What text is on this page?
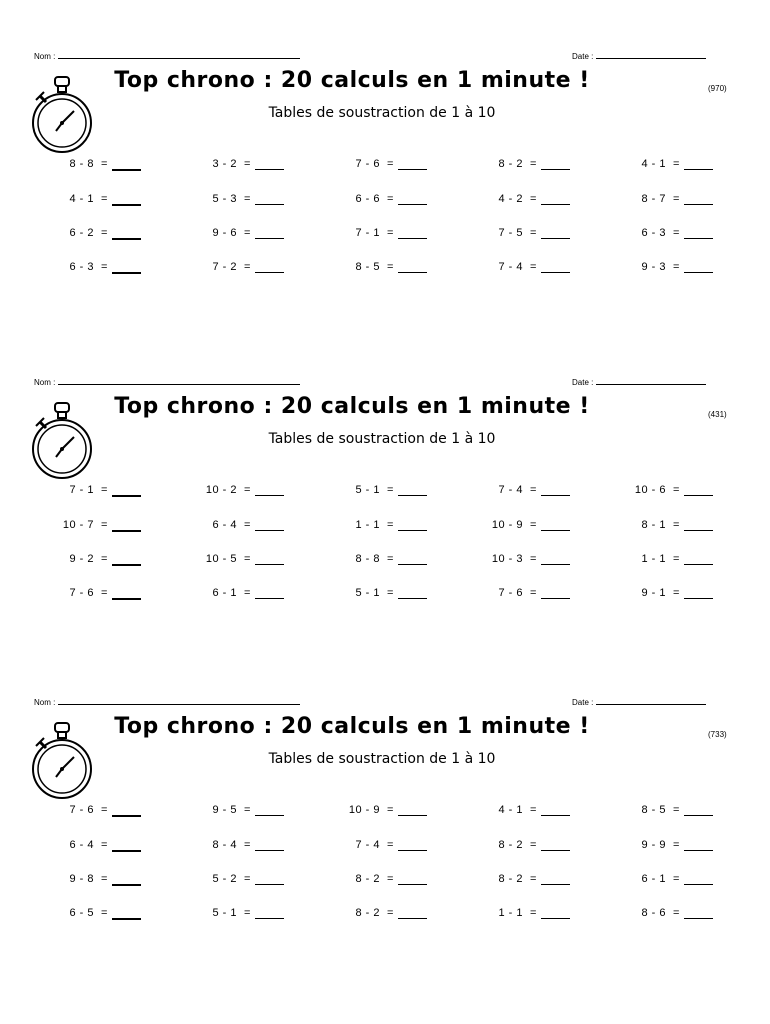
Nom :	Date :
Top chrono : 20 calculs en 1 minute !	(970)
Tables de soustraction de 1 à 10
8 - 8 =	3 - 2 =	7 - 6 =	8 - 2 =	4 - 1 =
4 - 1 =	5 - 3 =	6 - 6 =	4 - 2 =	8 - 7 =
6 - 2 =	9 - 6 =	7 - 1 =	7 - 5 =	6 - 3 =
6 - 3 =	7 - 2 =	8 - 5 =	7 - 4 =	9 - 3 =
Nom :	Date :
Top chrono : 20 calculs en 1 minute !	(431)
Tables de soustraction de 1 à 10
7 - 1 =	10 - 2 =	5 - 1 =	7 - 4 =	10 - 6 =
10 - 7 =	6 - 4 =	1 - 1 =	10 - 9 =	8 - 1 =
9 - 2 =	10 - 5 =	8 - 8 =	10 - 3 =	1 - 1 =
7 - 6 =	6 - 1 =	5 - 1 =	7 - 6 =	9 - 1 =
Nom :	Date :
Top chrono : 20 calculs en 1 minute !	(733)
Tables de soustraction de 1 à 10
7 - 6 =	9 - 5 =	10 - 9 =	4 - 1 =	8 - 5 =
6 - 4 =	8 - 4 =	7 - 4 =	8 - 2 =	9 - 9 =
9 - 8 =	5 - 2 =	8 - 2 =	8 - 2 =	6 - 1 =
6 - 5 =	5 - 1 =	8 - 2 =	1 - 1 =	8 - 6 =
